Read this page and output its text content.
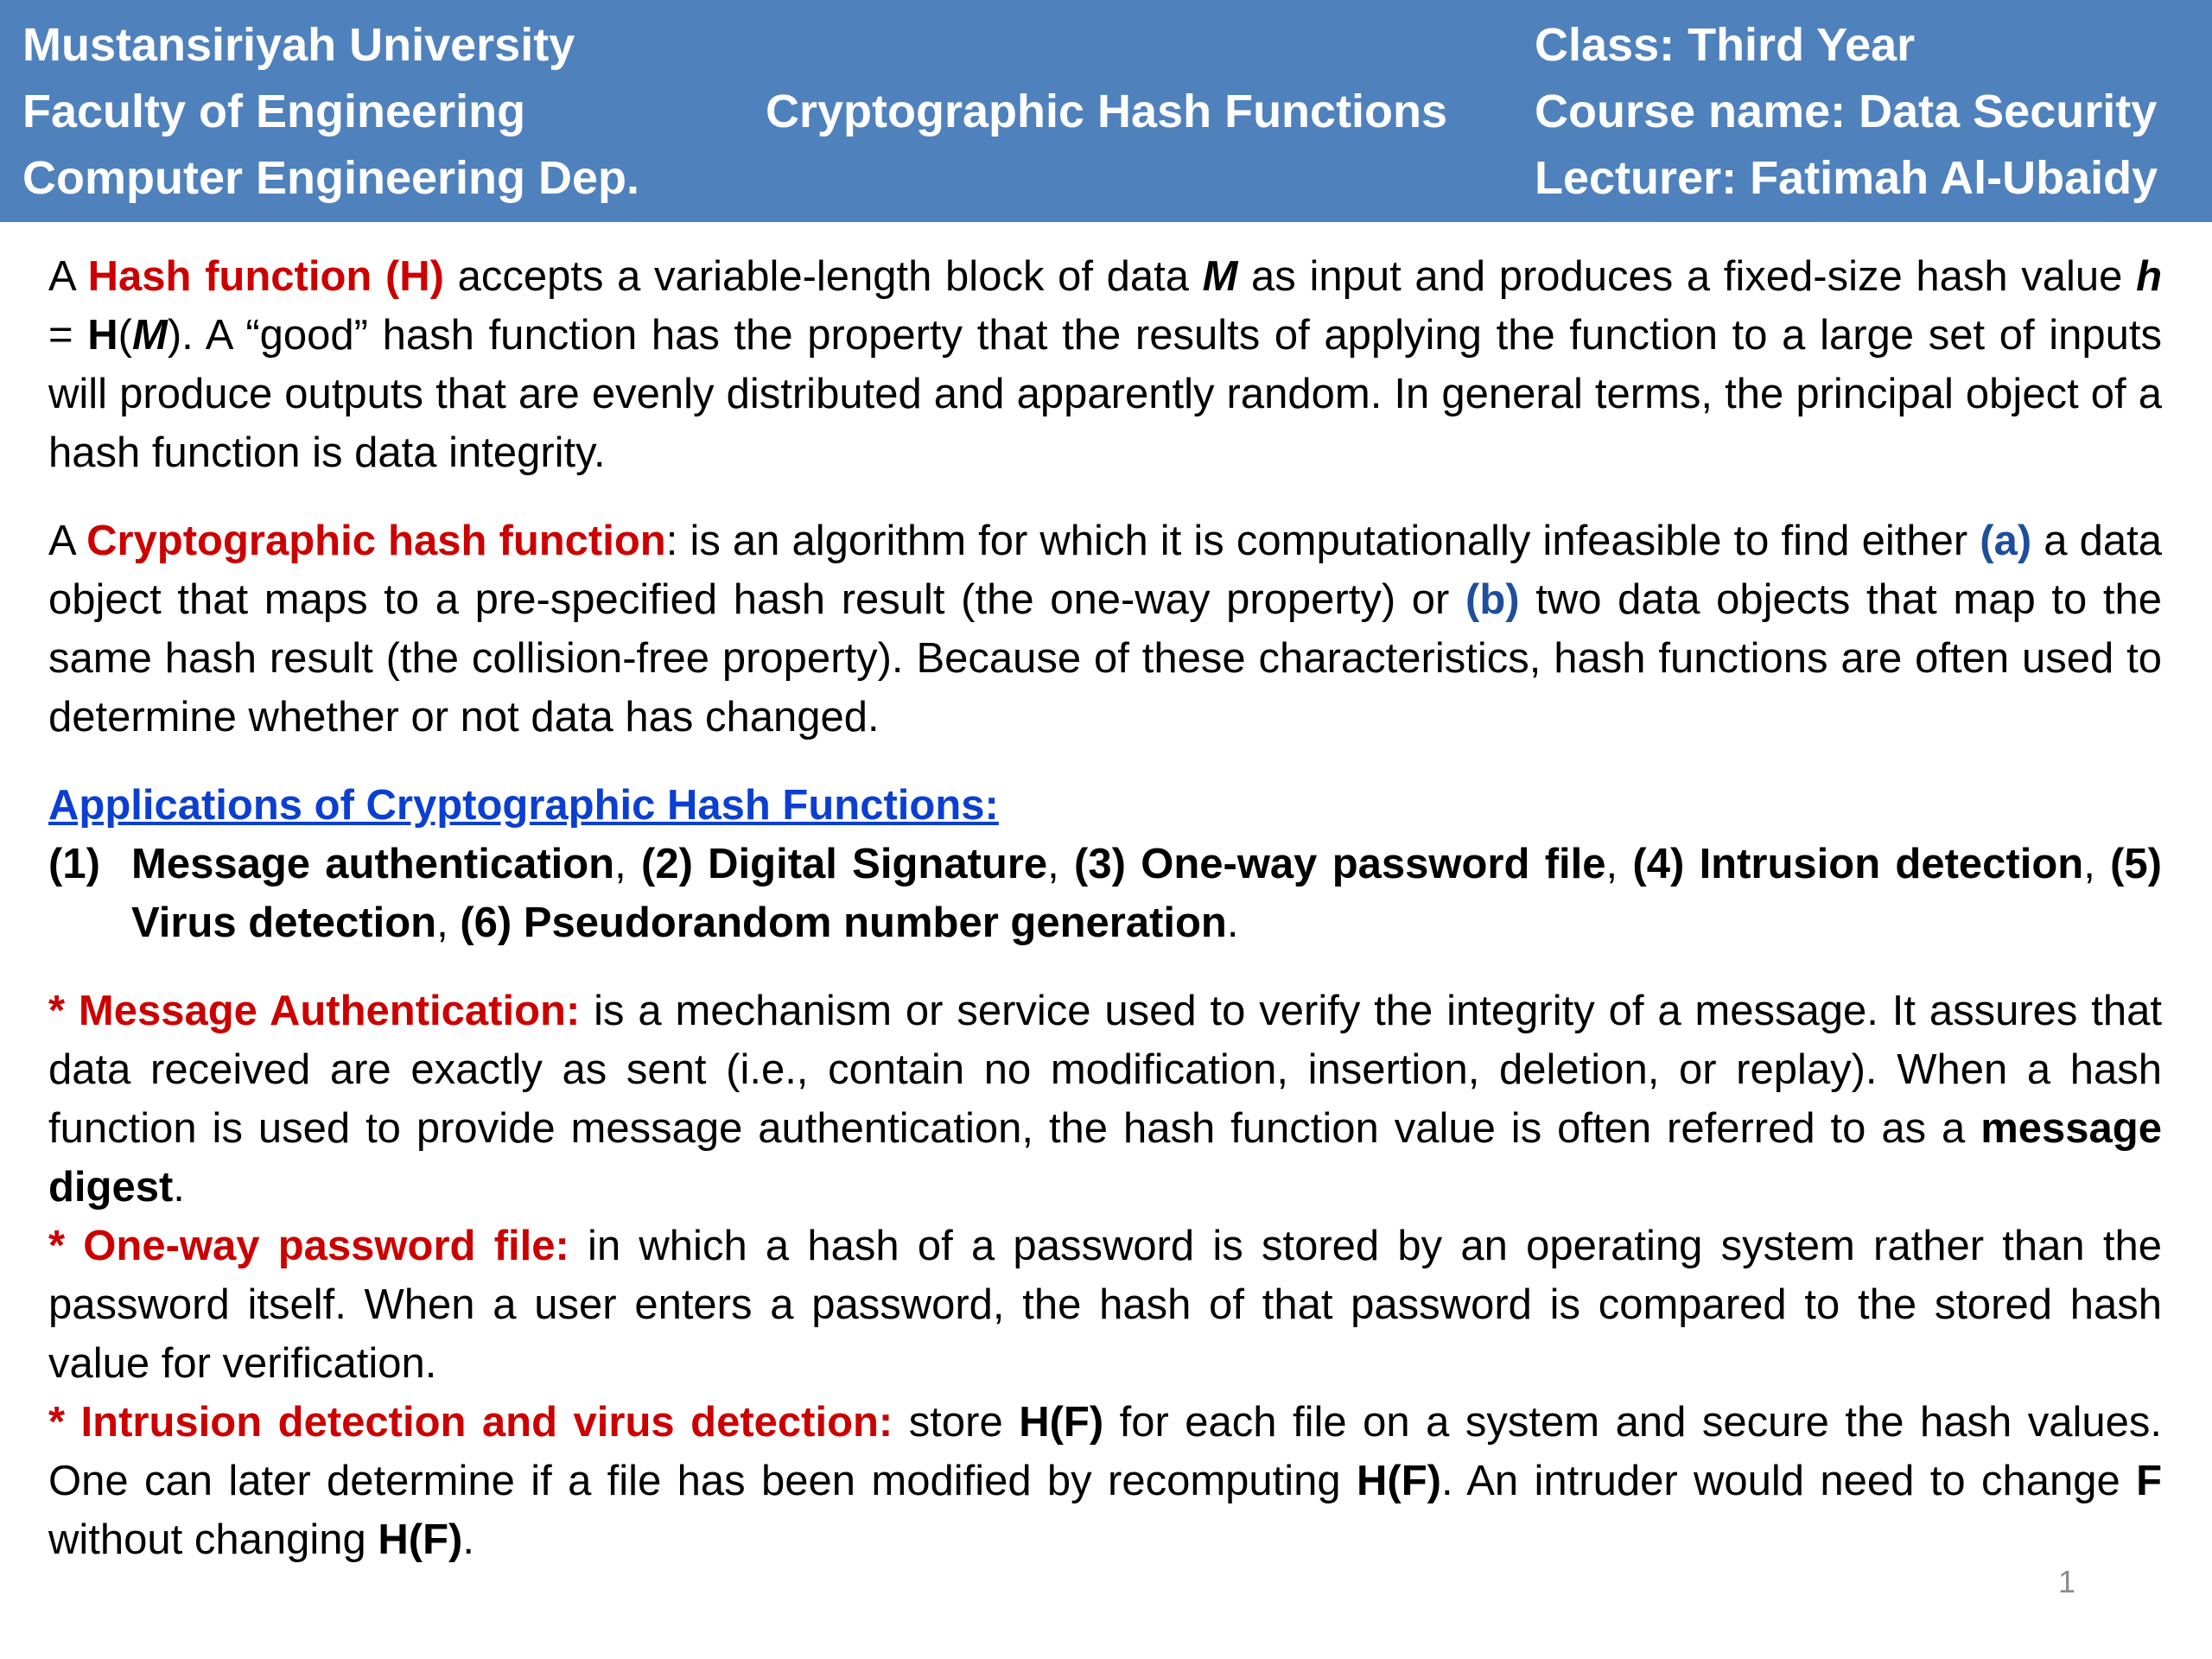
Mustansiriyah University
Faculty of Engineering
Computer Engineering Dep.
Cryptographic Hash Functions
Class: Third Year
Course name: Data Security
Lecturer: Fatimah Al-Ubaidy

A Hash function (H) accepts a variable-length block of data M as input and produces a fixed-size hash value h = H(M). A “good” hash function has the property that the results of applying the function to a large set of inputs will produce outputs that are evenly distributed and apparently random. In general terms, the principal object of a hash function is data integrity.

A Cryptographic hash function: is an algorithm for which it is computationally infeasible to find either (a) a data object that maps to a pre-specified hash result (the one-way property) or (b) two data objects that map to the same hash result (the collision-free property). Because of these characteristics, hash functions are often used to determine whether or not data has changed.

Applications of Cryptographic Hash Functions:

(1) Message authentication, (2) Digital Signature, (3) One-way password file, (4) Intrusion detection, (5) Virus detection, (6) Pseudorandom number generation.

* Message Authentication: is a mechanism or service used to verify the integrity of a message. It assures that data received are exactly as sent (i.e., contain no modification, insertion, deletion, or replay). When a hash function is used to provide message authentication, the hash function value is often referred to as a message digest.

* One-way password file: in which a hash of a password is stored by an operating system rather than the password itself. When a user enters a password, the hash of that password is compared to the stored hash value for verification.

* Intrusion detection and virus detection: store H(F) for each file on a system and secure the hash values. One can later determine if a file has been modified by recomputing H(F). An intruder would need to change F without changing H(F).

1
